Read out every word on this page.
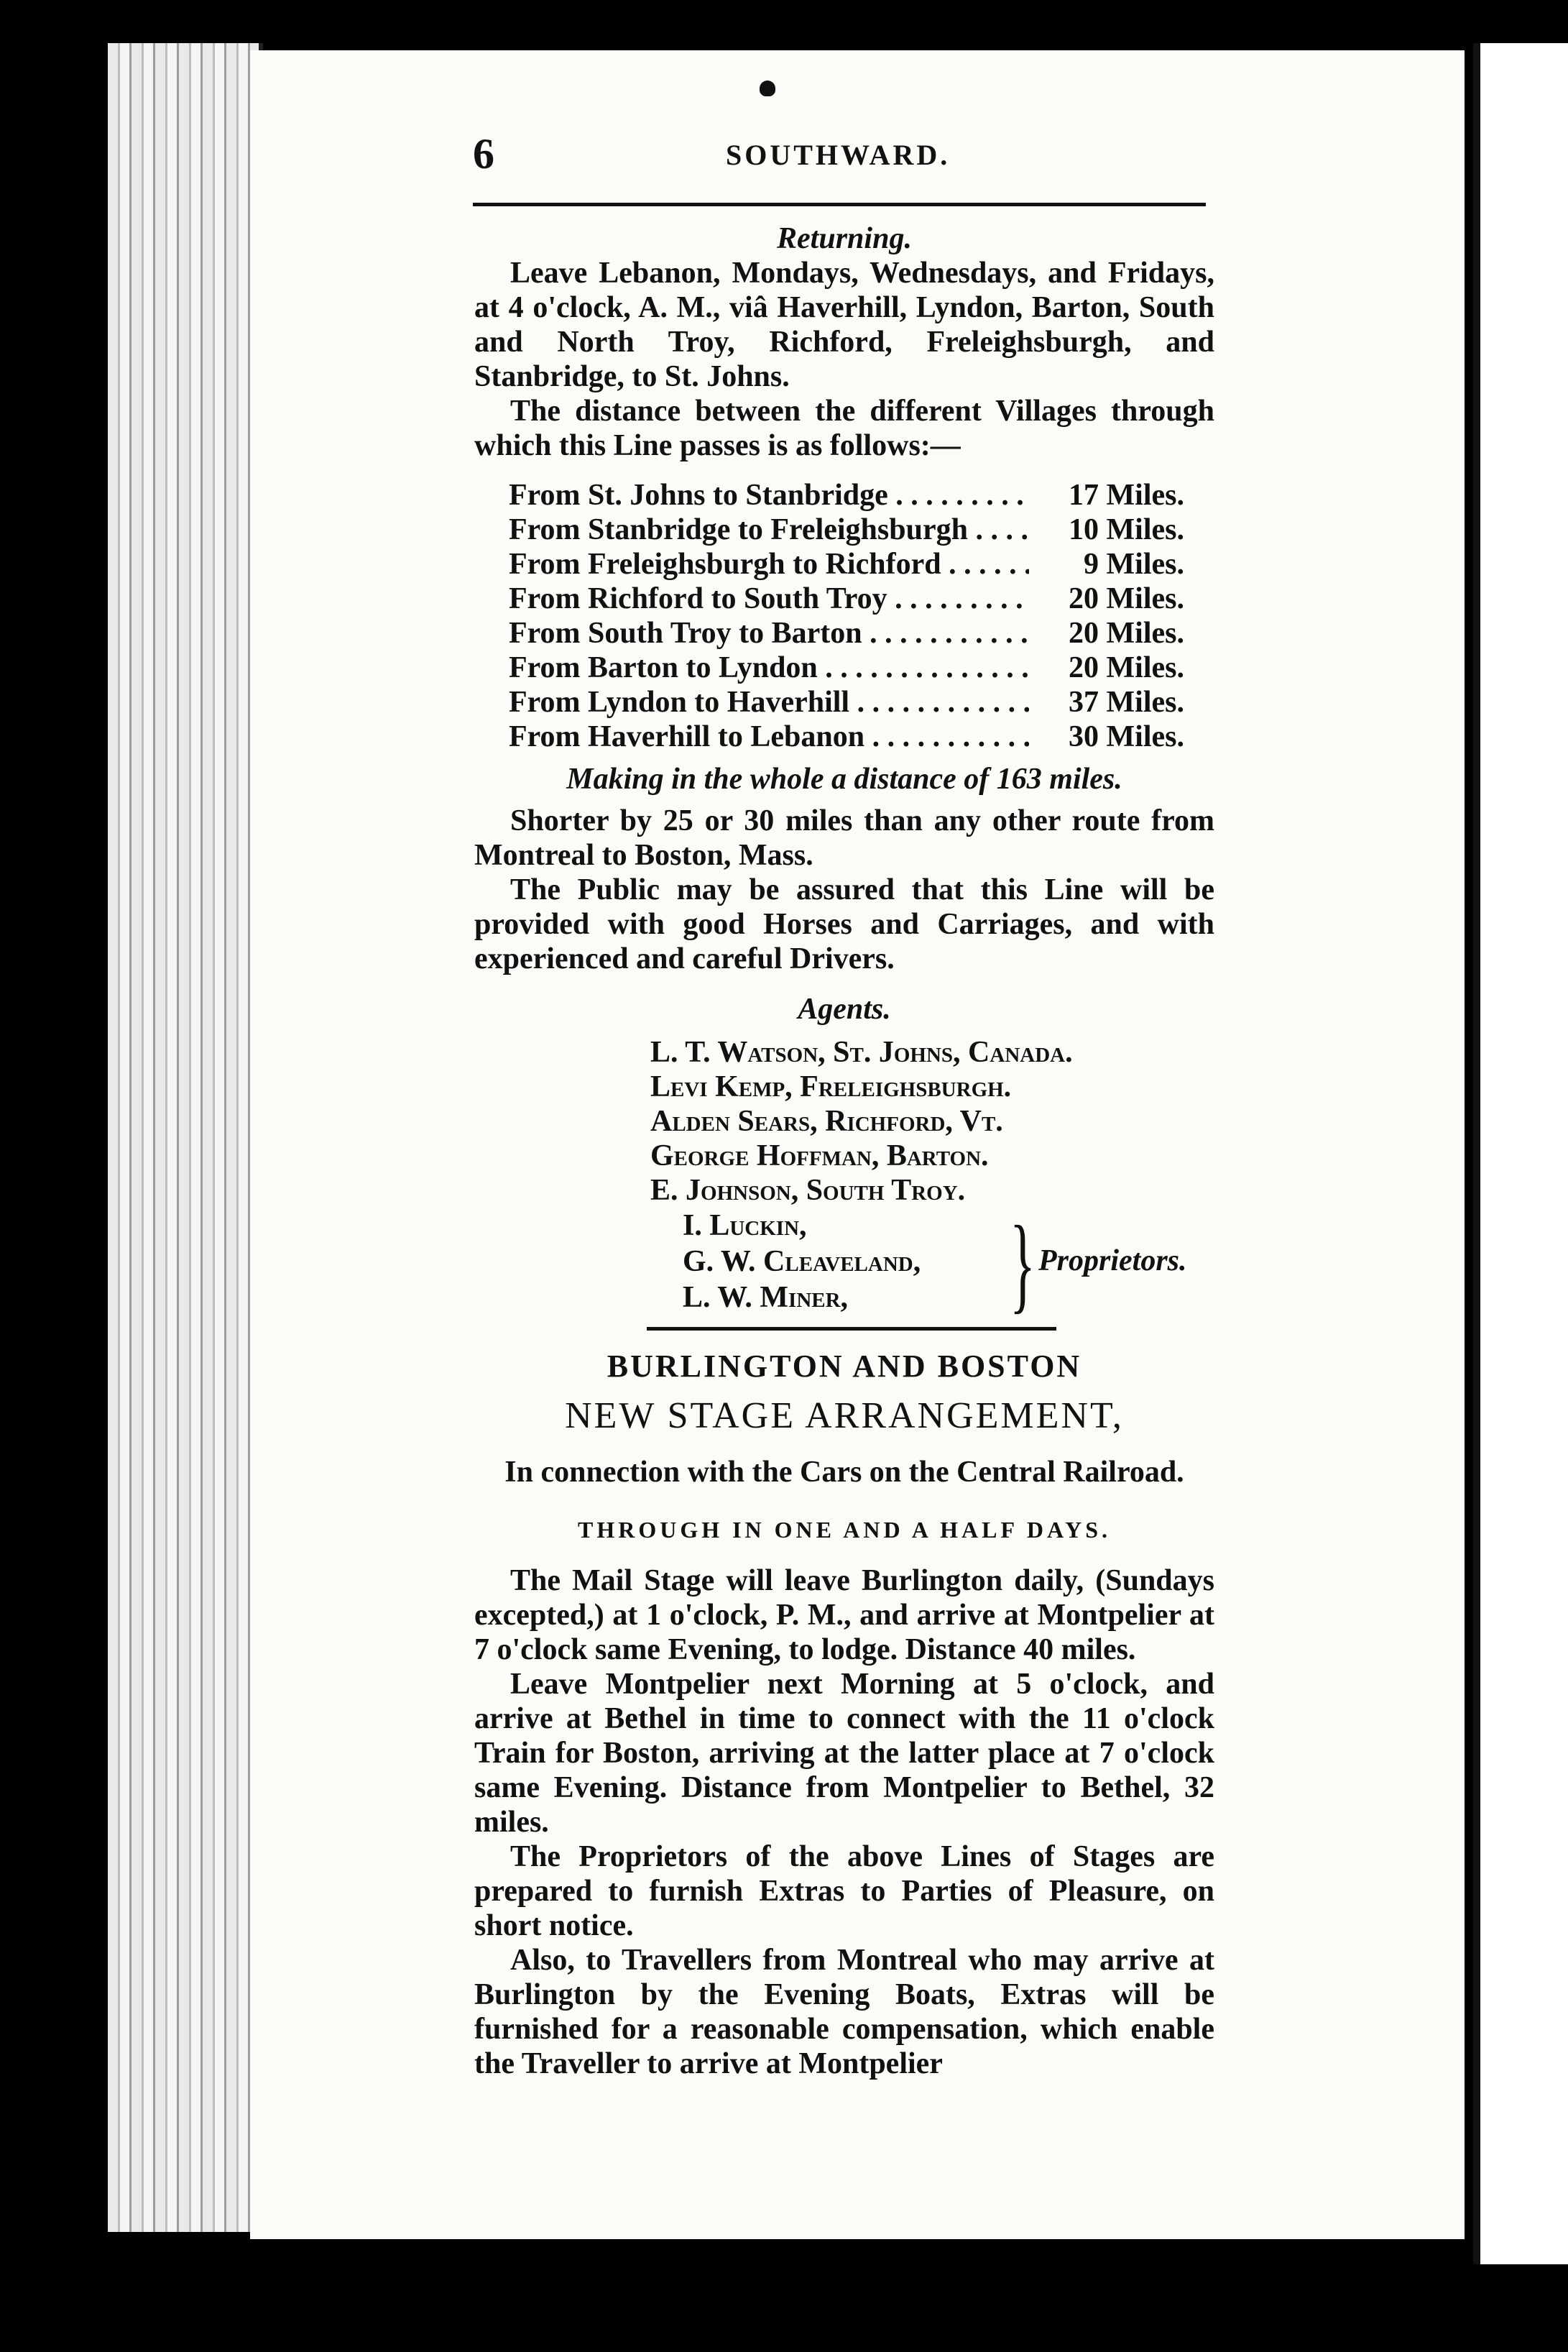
6	SOUTHWARD.
Returning.

Leave Lebanon, Mondays, Wednesdays, and Fridays, at 4 o'clock, A. M., viâ Haverhill, Lyndon, Barton, South and North Troy, Richford, Freleighsburgh, and Stanbridge, to St. Johns.

The distance between the different Villages through which this Line passes is as follows:—

From St. Johns to Stanbridge . . .	17 Miles.
From Stanbridge to Freleighsburgh . . .	10 Miles.
From Freleighsburgh to Richford . . .	9 Miles.
From Richford to South Troy . . .	20 Miles.
From South Troy to Barton . . .	20 Miles.
From Barton to Lyndon . . .	20 Miles.
From Lyndon to Haverhill . . .	37 Miles.
From Haverhill to Lebanon . . .	30 Miles.
Making in the whole a distance of 163 miles.

Shorter by 25 or 30 miles than any other route from Montreal to Boston, Mass.

The Public may be assured that this Line will be provided with good Horses and Carriages, and with experienced and careful Drivers.

Agents.
L. T. Watson, St. Johns, Canada.
Levi Kemp, Freleighsburgh.
Alden Sears, Richford, Vt.
George Hoffman, Barton.
E. Johnson, South Troy.
I. Luckin,
G. W. Cleaveland,
L. W. Miner,	} Proprietors.
BURLINGTON AND BOSTON
NEW STAGE ARRANGEMENT,
In connection with the Cars on the Central Railroad.
THROUGH IN ONE AND A HALF DAYS.

The Mail Stage will leave Burlington daily, (Sundays excepted,) at 1 o'clock, P. M., and arrive at Montpelier at 7 o'clock same Evening, to lodge. Distance 40 miles.

Leave Montpelier next Morning at 5 o'clock, and arrive at Bethel in time to connect with the 11 o'clock Train for Boston, arriving at the latter place at 7 o'clock same Evening. Distance from Montpelier to Bethel, 32 miles.

The Proprietors of the above Lines of Stages are prepared to furnish Extras to Parties of Pleasure, on short notice.

Also, to Travellers from Montreal who may arrive at Burlington by the Evening Boats, Extras will be furnished for a reasonable compensation, which enable the Traveller to arrive at Montpelier
